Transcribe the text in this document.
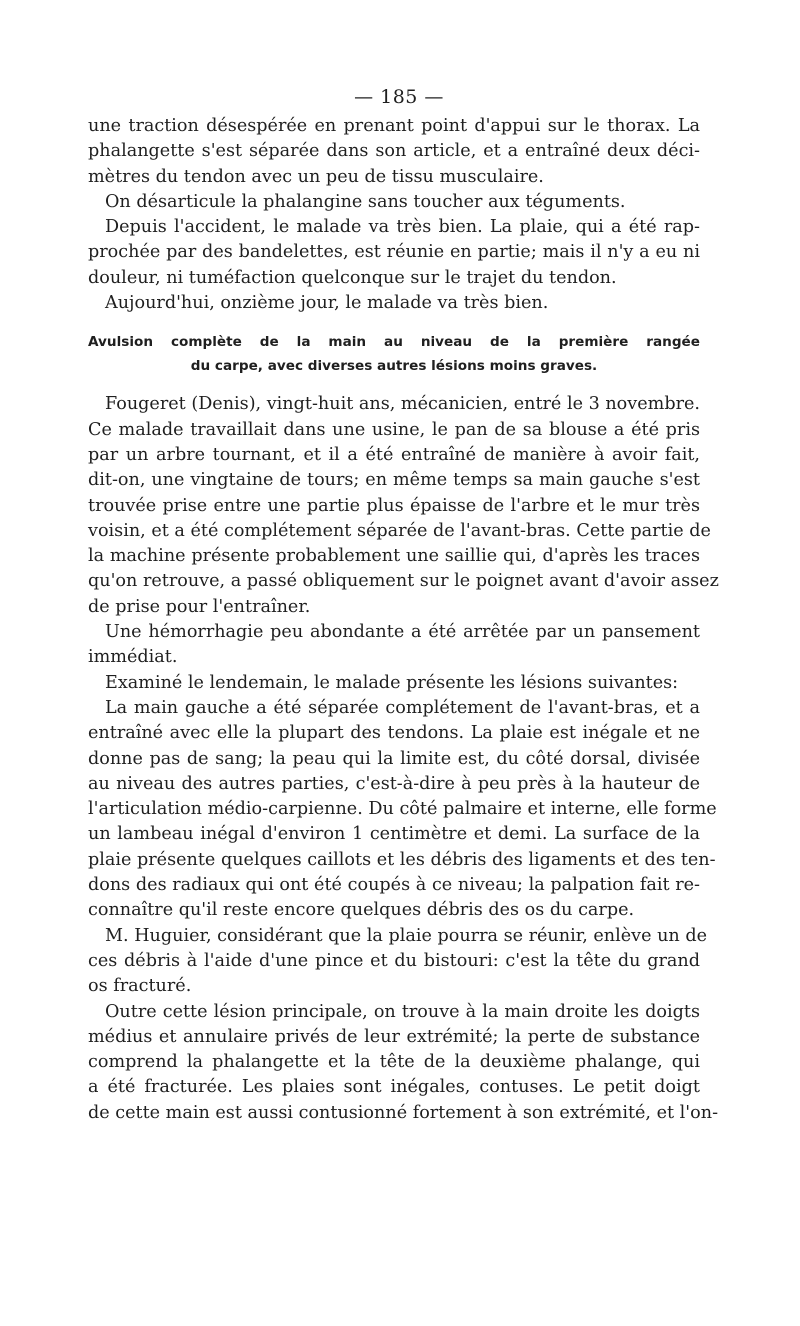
— 185 —
une traction désespérée en prenant point d'appui sur le thorax. La
phalangette s'est séparée dans son article, et a entraîné deux déci-
mètres du tendon avec un peu de tissu musculaire.
On désarticule la phalangine sans toucher aux téguments.
Depuis l'accident, le malade va très bien. La plaie, qui a été rap-
prochée par des bandelettes, est réunie en partie; mais il n'y a eu ni
douleur, ni tuméfaction quelconque sur le trajet du tendon.
Aujourd'hui, onzième jour, le malade va très bien.
Avulsion complète de la main au niveau de la première rangée
du carpe, avec diverses autres lésions moins graves.
Fougeret (Denis), vingt-huit ans, mécanicien, entré le 3 novembre.
Ce malade travaillait dans une usine, le pan de sa blouse a été pris
par un arbre tournant, et il a été entraîné de manière à avoir fait,
dit-on, une vingtaine de tours; en même temps sa main gauche s'est
trouvée prise entre une partie plus épaisse de l'arbre et le mur très
voisin, et a été complétement séparée de l'avant-bras. Cette partie de
la machine présente probablement une saillie qui, d'après les traces
qu'on retrouve, a passé obliquement sur le poignet avant d'avoir assez
de prise pour l'entraîner.
Une hémorrhagie peu abondante a été arrêtée par un pansement
immédiat.
Examiné le lendemain, le malade présente les lésions suivantes:
La main gauche a été séparée complétement de l'avant-bras, et a
entraîné avec elle la plupart des tendons. La plaie est inégale et ne
donne pas de sang; la peau qui la limite est, du côté dorsal, divisée
au niveau des autres parties, c'est-à-dire à peu près à la hauteur de
l'articulation médio-carpienne. Du côté palmaire et interne, elle forme
un lambeau inégal d'environ 1 centimètre et demi. La surface de la
plaie présente quelques caillots et les débris des ligaments et des ten-
dons des radiaux qui ont été coupés à ce niveau; la palpation fait re-
connaître qu'il reste encore quelques débris des os du carpe.
M. Huguier, considérant que la plaie pourra se réunir, enlève un de
ces débris à l'aide d'une pince et du bistouri: c'est la tête du grand
os fracturé.
Outre cette lésion principale, on trouve à la main droite les doigts
médius et annulaire privés de leur extrémité; la perte de substance
comprend la phalangette et la tête de la deuxième phalange, qui
a été fracturée. Les plaies sont inégales, contuses. Le petit doigt
de cette main est aussi contusionné fortement à son extrémité, et l'on-
